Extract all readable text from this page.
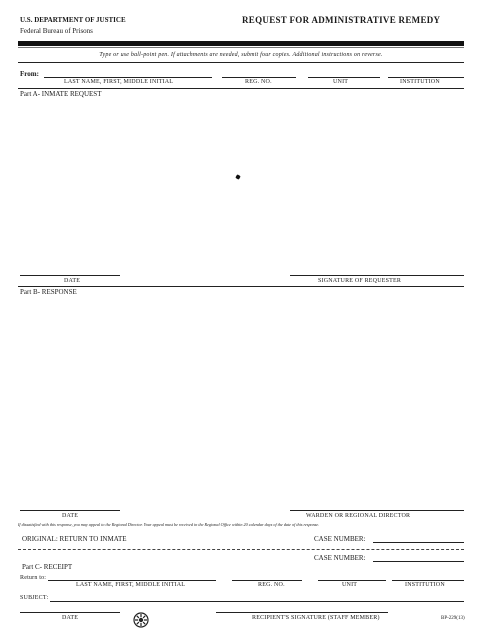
U.S. DEPARTMENT OF JUSTICE
Federal Bureau of Prisons
REQUEST FOR ADMINISTRATIVE REMEDY
Type or use ball-point pen. If attachments are needed, submit four copies. Additional instructions on reverse.
From:
LAST NAME, FIRST, MIDDLE INITIAL	REG. NO.	UNIT	INSTITUTION
Part A- INMATE REQUEST
DATE	SIGNATURE OF REQUESTER
Part B- RESPONSE
DATE	WARDEN OR REGIONAL DIRECTOR
If dissatisfied with this response, you may appeal to the Regional Director. Your appeal must be received in the Regional Office within 20 calendar days of the date of this response.
ORIGINAL: RETURN TO INMATE	CASE NUMBER:
CASE NUMBER:
Part C- RECEIPT
Return to:
LAST NAME, FIRST, MIDDLE INITIAL	REG. NO.	UNIT	INSTITUTION
SUBJECT:
DATE	RECIPIENT'S SIGNATURE (STAFF MEMBER)	BP-229(13)
